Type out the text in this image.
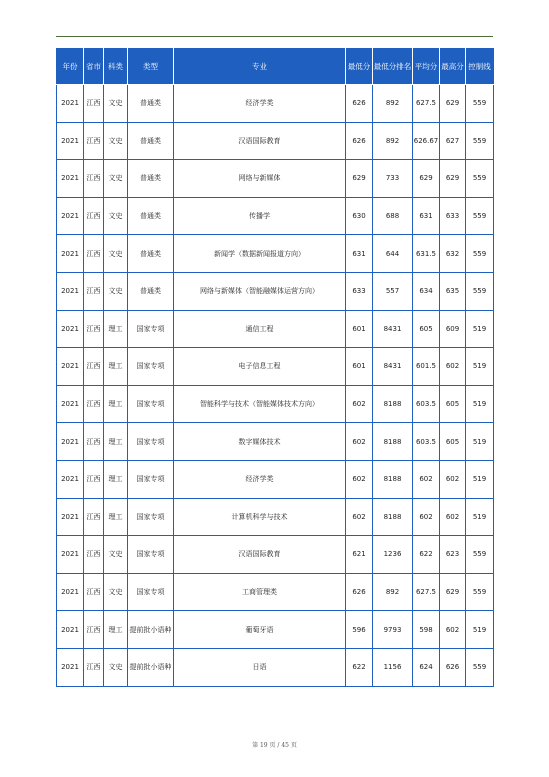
年份	省市	科类	类型	专业	最低分	最低分排名	平均分	最高分	控制线
2021	江西	文史	普通类	经济学类	626	892	627.5	629	559
2021	江西	文史	普通类	汉语国际教育	626	892	626.67	627	559
2021	江西	文史	普通类	网络与新媒体	629	733	629	629	559
2021	江西	文史	普通类	传播学	630	688	631	633	559
2021	江西	文史	普通类	新闻学（数据新闻报道方向）	631	644	631.5	632	559
2021	江西	文史	普通类	网络与新媒体（智能融媒体运营方向）	633	557	634	635	559
2021	江西	理工	国家专项	通信工程	601	8431	605	609	519
2021	江西	理工	国家专项	电子信息工程	601	8431	601.5	602	519
2021	江西	理工	国家专项	智能科学与技术（智能媒体技术方向）	602	8188	603.5	605	519
2021	江西	理工	国家专项	数字媒体技术	602	8188	603.5	605	519
2021	江西	理工	国家专项	经济学类	602	8188	602	602	519
2021	江西	理工	国家专项	计算机科学与技术	602	8188	602	602	519
2021	江西	文史	国家专项	汉语国际教育	621	1236	622	623	559
2021	江西	文史	国家专项	工商管理类	626	892	627.5	629	559
2021	江西	理工	提前批小语种	葡萄牙语	596	9793	598	602	519
2021	江西	文史	提前批小语种	日语	622	1156	624	626	559
第 19 页 / 45 页
